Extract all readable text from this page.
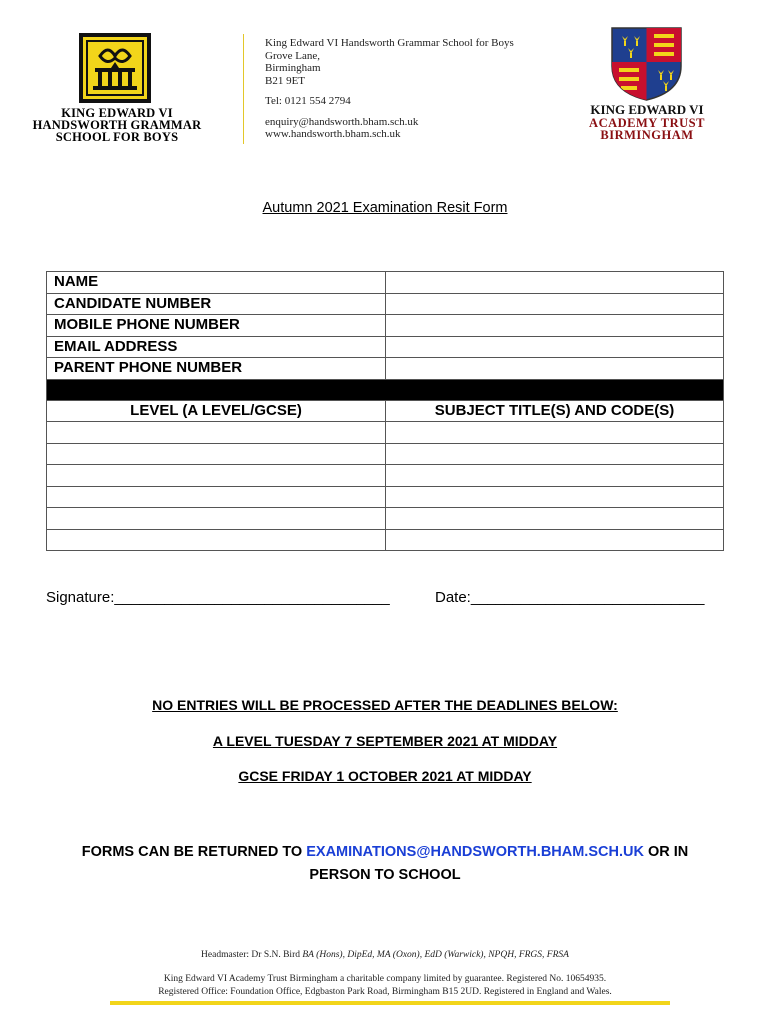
KING EDWARD VI
HANDSWORTH GRAMMAR
SCHOOL FOR BOYS
King Edward VI Handsworth Grammar School for Boys
Grove Lane,
Birmingham
B21 9ET
Tel: 0121 554 2794
enquiry@handsworth.bham.sch.uk
www.handsworth.bham.sch.uk
KING EDWARD VI
ACADEMY TRUST
BIRMINGHAM
Autumn 2021 Examination Resit Form
NAME	
CANDIDATE NUMBER	
MOBILE PHONE NUMBER	
EMAIL ADDRESS	
PARENT PHONE NUMBER	

LEVEL (A LEVEL/GCSE)	SUBJECT TITLE(S) AND CODE(S)

Signature:_________________________________	Date:____________________________
NO ENTRIES WILL BE PROCESSED AFTER THE DEADLINES BELOW:
A LEVEL TUESDAY 7 SEPTEMBER 2021 AT MIDDAY
GCSE FRIDAY 1 OCTOBER 2021 AT MIDDAY
FORMS CAN BE RETURNED TO EXAMINATIONS@HANDSWORTH.BHAM.SCH.UK OR IN PERSON TO SCHOOL
Headmaster: Dr S.N. Bird BA (Hons), DipEd, MA (Oxon), EdD (Warwick), NPQH, FRGS, FRSA
King Edward VI Academy Trust Birmingham a charitable company limited by guarantee. Registered No. 10654935.
Registered Office: Foundation Office, Edgbaston Park Road, Birmingham B15 2UD. Registered in England and Wales.
